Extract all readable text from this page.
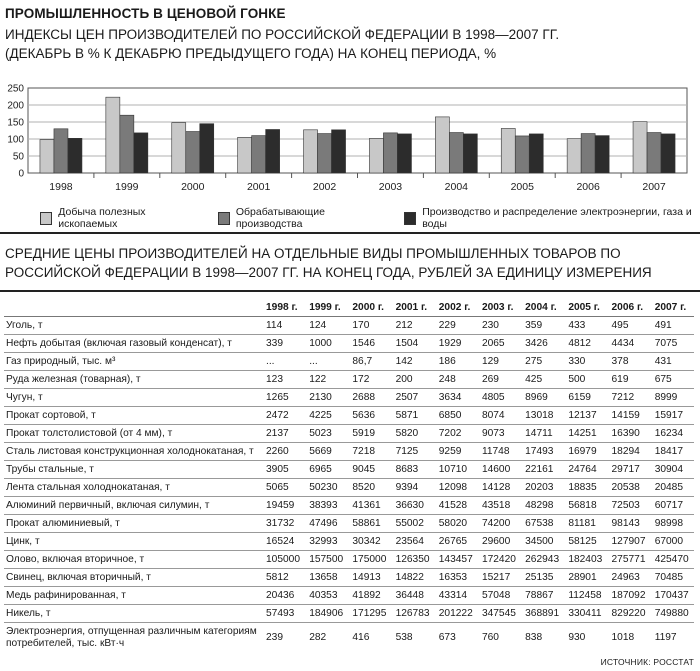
ПРОМЫШЛЕННОСТЬ В ЦЕНОВОЙ ГОНКЕ
ИНДЕКСЫ ЦЕН ПРОИЗВОДИТЕЛЕЙ ПО РОССИЙСКОЙ ФЕДЕРАЦИИ В 1998—2007 ГГ.
(ДЕКАБРЬ В % К ДЕКАБРЮ ПРЕДЫДУЩЕГО ГОДА) НА КОНЕЦ ПЕРИОДА, %
0
50
100
150
200
250
1998	1999	2000	2001	2002	2003	2004	2005	2006	2007
Добыча полезных ископаемых
Обрабатывающие производства
Производство и распределение электроэнергии, газа и воды
СРЕДНИЕ ЦЕНЫ ПРОИЗВОДИТЕЛЕЙ НА ОТДЕЛЬНЫЕ ВИДЫ ПРОМЫШЛЕННЫХ ТОВАРОВ ПО
РОССИЙСКОЙ ФЕДЕРАЦИИ В 1998—2007 ГГ. НА КОНЕЦ ГОДА, РУБЛЕЙ ЗА ЕДИНИЦУ ИЗМЕРЕНИЯ
	1998 г.	1999 г.	2000 г.	2001 г.	2002 г.	2003 г.	2004 г.	2005 г.	2006 г.	2007 г.
Уголь, т	114	124	170	212	229	230	359	433	495	491
Нефть добытая (включая газовый конденсат), т	339	1000	1546	1504	1929	2065	3426	4812	4434	7075
Газ природный, тыс. м³	...	...	86,7	142	186	129	275	330	378	431
Руда железная (товарная), т	123	122	172	200	248	269	425	500	619	675
Чугун, т	1265	2130	2688	2507	3634	4805	8969	6159	7212	8999
Прокат сортовой, т	2472	4225	5636	5871	6850	8074	13018	12137	14159	15917
Прокат толстолистовой (от 4 мм), т	2137	5023	5919	5820	7202	9073	14711	14251	16390	16234
Сталь листовая конструкционная холоднокатаная, т	2260	5669	7218	7125	9259	11748	17493	16979	18294	18417
Трубы стальные, т	3905	6965	9045	8683	10710	14600	22161	24764	29717	30904
Лента стальная холоднокатаная, т	5065	50230	8520	9394	12098	14128	20203	18835	20538	20485
Алюминий первичный, включая силумин, т	19459	38393	41361	36630	41528	43518	48298	56818	72503	60717
Прокат алюминиевый, т	31732	47496	58861	55002	58020	74200	67538	81181	98143	98998
Цинк, т	16524	32993	30342	23564	26765	29600	34500	58125	127907	67000
Олово, включая вторичное, т	105000	157500	175000	126350	143457	172420	262943	182403	275771	425470
Свинец, включая вторичный, т	5812	13658	14913	14822	16353	15217	25135	28901	24963	70485
Медь рафинированная, т	20436	40353	41892	36448	43314	57048	78867	112458	187092	170437
Никель, т	57493	184906	171295	126783	201222	347545	368891	330411	829220	749880
Электроэнергия, отпущенная различным категориям потребителей, тыс. кВт·ч	239	282	416	538	673	760	838	930	1018	1197
ИСТОЧНИК: РОССТАТ
